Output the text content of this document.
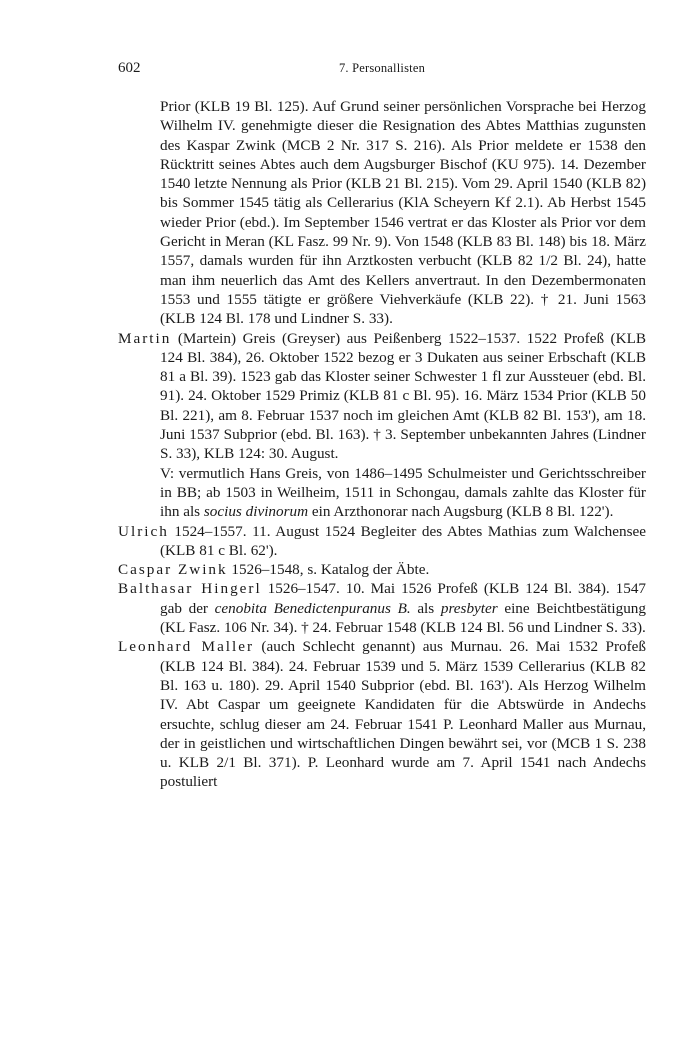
602	7. Personallisten

Prior (KLB 19 Bl. 125). Auf Grund seiner persönlichen Vorsprache bei Herzog Wilhelm IV. genehmigte dieser die Resignation des Abtes Matthias zugunsten des Kaspar Zwink (MCB 2 Nr. 317 S. 216). Als Prior meldete er 1538 den Rücktritt seines Abtes auch dem Augsburger Bischof (KU 975). 14. Dezember 1540 letzte Nennung als Prior (KLB 21 Bl. 215). Vom 29. April 1540 (KLB 82) bis Sommer 1545 tätig als Cellerarius (KlA Scheyern Kf 2.1). Ab Herbst 1545 wieder Prior (ebd.). Im September 1546 vertrat er das Kloster als Prior vor dem Gericht in Meran (KL Fasz. 99 Nr. 9). Von 1548 (KLB 83 Bl. 148) bis 18. März 1557, damals wurden für ihn Arztkosten verbucht (KLB 82 1/2 Bl. 24), hatte man ihm neuerlich das Amt des Kellers anvertraut. In den Dezembermonaten 1553 und 1555 tätigte er größere Viehverkäufe (KLB 22). † 21. Juni 1563 (KLB 124 Bl. 178 und Lindner S. 33).

Martin (Martein) Greis (Greyser) aus Peißenberg 1522–1537. 1522 Profeß (KLB 124 Bl. 384), 26. Oktober 1522 bezog er 3 Dukaten aus seiner Erbschaft (KLB 81 a Bl. 39). 1523 gab das Kloster seiner Schwester 1 fl zur Aussteuer (ebd. Bl. 91). 24. Oktober 1529 Primiz (KLB 81 c Bl. 95). 16. März 1534 Prior (KLB 50 Bl. 221), am 8. Februar 1537 noch im gleichen Amt (KLB 82 Bl. 153'), am 18. Juni 1537 Subprior (ebd. Bl. 163). † 3. September unbekannten Jahres (Lindner S. 33), KLB 124: 30. August.

V: vermutlich Hans Greis, von 1486–1495 Schulmeister und Gerichtsschreiber in BB; ab 1503 in Weilheim, 1511 in Schongau, damals zahlte das Kloster für ihn als socius divinorum ein Arzthonorar nach Augsburg (KLB 8 Bl. 122').

Ulrich 1524–1557. 11. August 1524 Begleiter des Abtes Mathias zum Walchensee (KLB 81 c Bl. 62').

Caspar Zwink 1526–1548, s. Katalog der Äbte.

Balthasar Hingerl 1526–1547. 10. Mai 1526 Profeß (KLB 124 Bl. 384). 1547 gab der cenobita Benedictenpuranus B. als presbyter eine Beichtbestätigung (KL Fasz. 106 Nr. 34). † 24. Februar 1548 (KLB 124 Bl. 56 und Lindner S. 33).

Leonhard Maller (auch Schlecht genannt) aus Murnau. 26. Mai 1532 Profeß (KLB 124 Bl. 384). 24. Februar 1539 und 5. März 1539 Cellerarius (KLB 82 Bl. 163 u. 180). 29. April 1540 Subprior (ebd. Bl. 163'). Als Herzog Wilhelm IV. Abt Caspar um geeignete Kandidaten für die Abtswürde in Andechs ersuchte, schlug dieser am 24. Februar 1541 P. Leonhard Maller aus Murnau, der in geistlichen und wirtschaftlichen Dingen bewährt sei, vor (MCB 1 S. 238 u. KLB 2/1 Bl. 371). P. Leonhard wurde am 7. April 1541 nach Andechs postuliert
